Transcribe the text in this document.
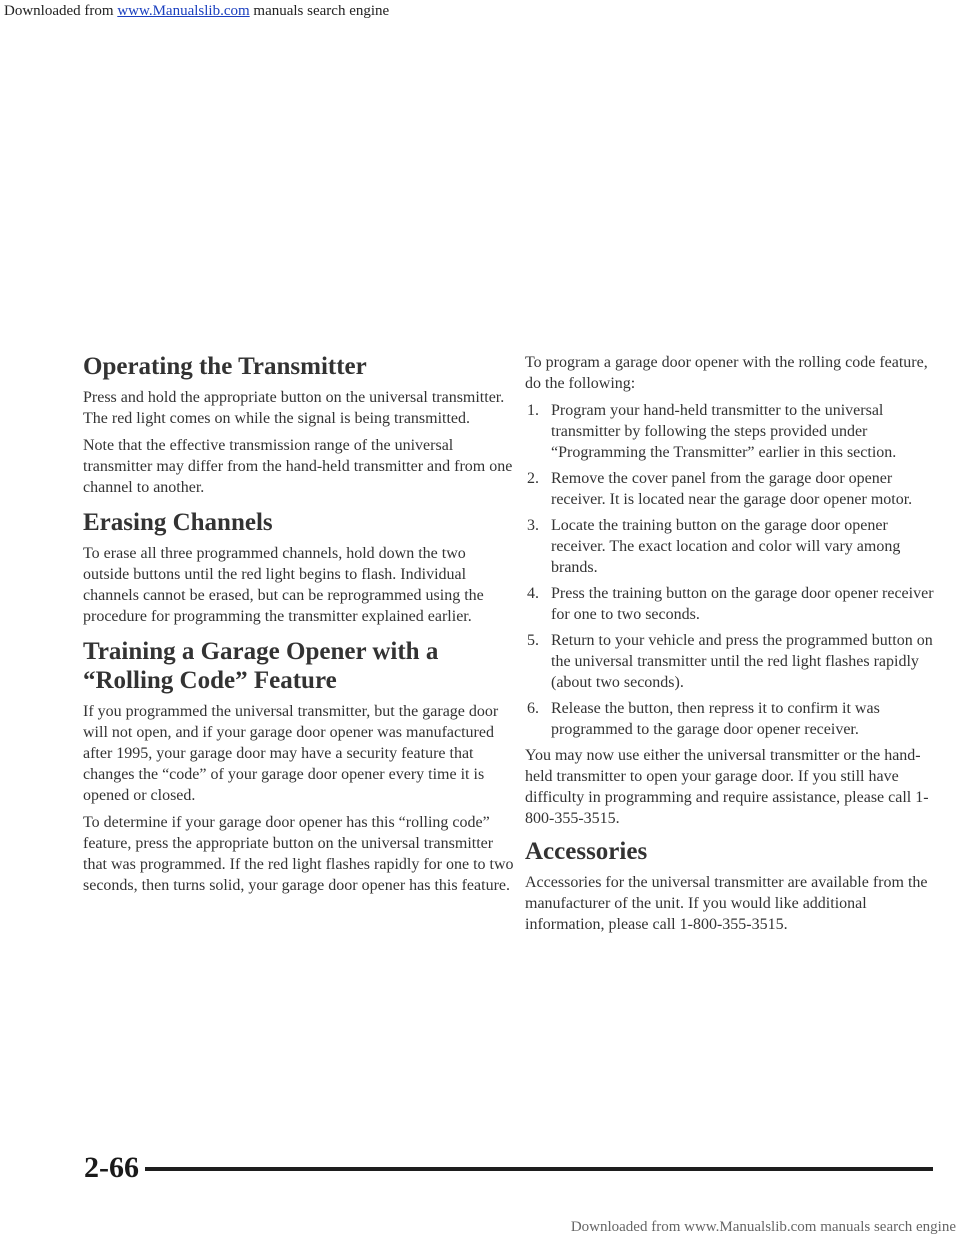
Downloaded from www.Manualslib.com manuals search engine
Operating the Transmitter

Press and hold the appropriate button on the universal transmitter. The red light comes on while the signal is being transmitted.

Note that the effective transmission range of the universal transmitter may differ from the hand-held transmitter and from one channel to another.

Erasing Channels

To erase all three programmed channels, hold down the two outside buttons until the red light begins to flash. Individual channels cannot be erased, but can be reprogrammed using the procedure for programming the transmitter explained earlier.

Training a Garage Opener with a “Rolling Code” Feature

If you programmed the universal transmitter, but the garage door will not open, and if your garage door opener was manufactured after 1995, your garage door may have a security feature that changes the “code” of your garage door opener every time it is opened or closed.

To determine if your garage door opener has this “rolling code” feature, press the appropriate button on the universal transmitter that was programmed. If the red light flashes rapidly for one to two seconds, then turns solid, your garage door opener has this feature.

To program a garage door opener with the rolling code feature, do the following:

1. Program your hand-held transmitter to the universal transmitter by following the steps provided under “Programming the Transmitter” earlier in this section.
2. Remove the cover panel from the garage door opener receiver. It is located near the garage door opener motor.
3. Locate the training button on the garage door opener receiver. The exact location and color will vary among brands.
4. Press the training button on the garage door opener receiver for one to two seconds.
5. Return to your vehicle and press the programmed button on the universal transmitter until the red light flashes rapidly (about two seconds).
6. Release the button, then repress it to confirm it was programmed to the garage door opener receiver.

You may now use either the universal transmitter or the hand-held transmitter to open your garage door. If you still have difficulty in programming and require assistance, please call 1-800-355-3515.

Accessories

Accessories for the universal transmitter are available from the manufacturer of the unit. If you would like additional information, please call 1-800-355-3515.

2-66
Downloaded from www.Manualslib.com manuals search engine
